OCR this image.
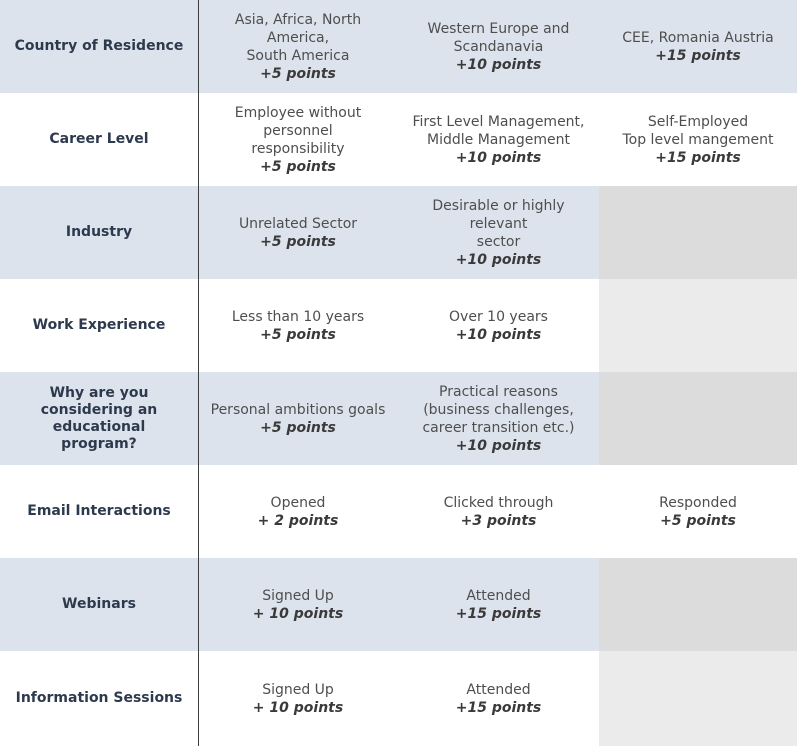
Country of Residence
Asia, Africa, North America,
South America
+5 points
Western Europe and
Scandanavia
+10 points
CEE, Romania Austria
+15 points
Career Level
Employee without
personnel
responsibility
+5 points
First Level Management,
Middle Management
+10 points
Self-Employed
Top level mangement
+15 points
Industry
Unrelated Sector
+5 points
Desirable or highly relevant
sector
+10 points
Work Experience
Less than 10 years
+5 points
Over 10 years
+10 points
Why are you considering an educational program?
Personal ambitions goals
+5 points
Practical reasons
(business challenges,
career transition etc.)
+10 points
Email Interactions
Opened
+ 2 points
Clicked through
+3 points
Responded
+5 points
Webinars
Signed Up
+ 10 points
Attended
+15 points
Information Sessions
Signed Up
+ 10 points
Attended
+15 points
